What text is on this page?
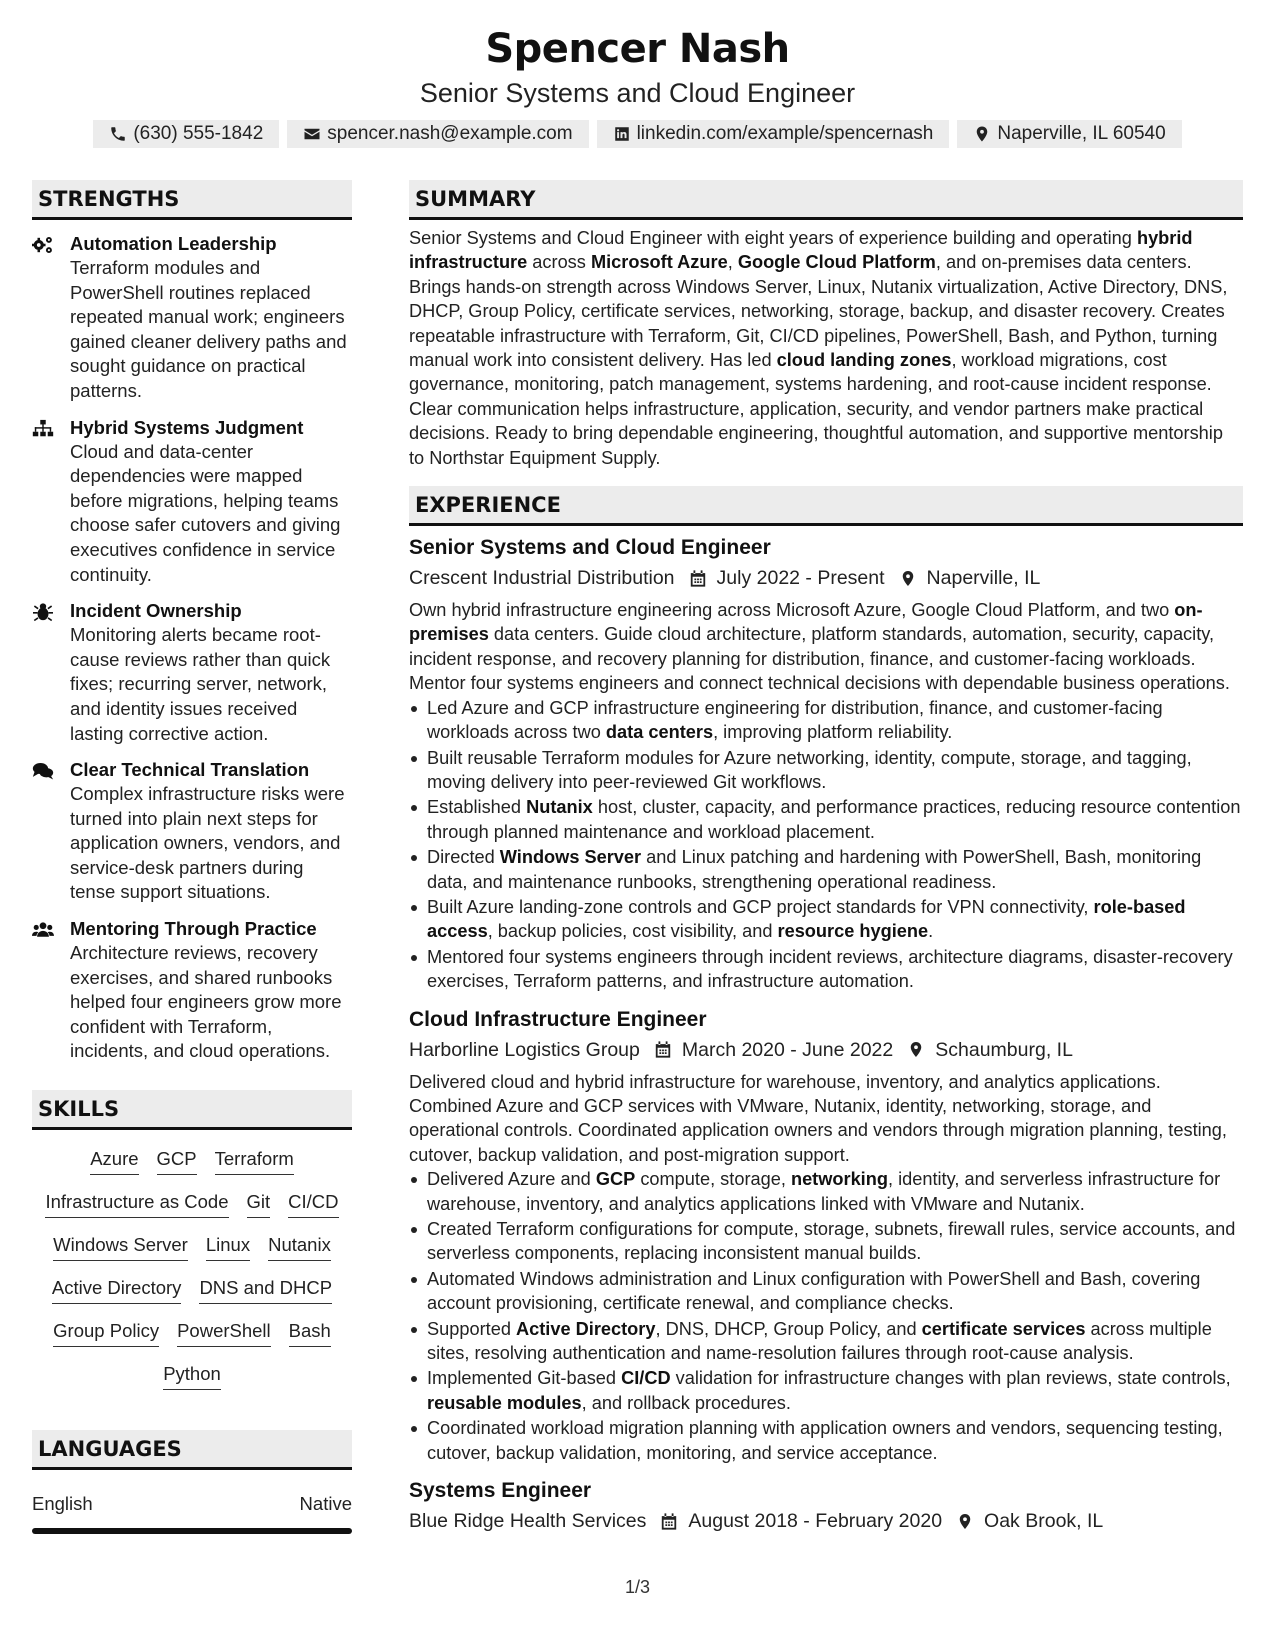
Spencer Nash
Senior Systems and Cloud Engineer
(630) 555-1842	spencer.nash@example.com	linkedin.com/example/spencernash	Naperville, IL 60540
STRENGTHS
Automation Leadership
Terraform modules and PowerShell routines replaced repeated manual work; engineers gained cleaner delivery paths and sought guidance on practical patterns.
Hybrid Systems Judgment
Cloud and data-center dependencies were mapped before migrations, helping teams choose safer cutovers and giving executives confidence in service continuity.
Incident Ownership
Monitoring alerts became root-cause reviews rather than quick fixes; recurring server, network, and identity issues received lasting corrective action.
Clear Technical Translation
Complex infrastructure risks were turned into plain next steps for application owners, vendors, and service-desk partners during tense support situations.
Mentoring Through Practice
Architecture reviews, recovery exercises, and shared runbooks helped four engineers grow more confident with Terraform, incidents, and cloud operations.
SKILLS
Azure GCP Terraform
Infrastructure as Code Git CI/CD
Windows Server Linux Nutanix
Active Directory DNS and DHCP
Group Policy PowerShell Bash
Python
LANGUAGES
English	Native
SUMMARY
Senior Systems and Cloud Engineer with eight years of experience building and operating hybrid infrastructure across Microsoft Azure, Google Cloud Platform, and on-premises data centers. Brings hands-on strength across Windows Server, Linux, Nutanix virtualization, Active Directory, DNS, DHCP, Group Policy, certificate services, networking, storage, backup, and disaster recovery. Creates repeatable infrastructure with Terraform, Git, CI/CD pipelines, PowerShell, Bash, and Python, turning manual work into consistent delivery. Has led cloud landing zones, workload migrations, cost governance, monitoring, patch management, systems hardening, and root-cause incident response. Clear communication helps infrastructure, application, security, and vendor partners make practical decisions. Ready to bring dependable engineering, thoughtful automation, and supportive mentorship to Northstar Equipment Supply.
EXPERIENCE
Senior Systems and Cloud Engineer
Crescent Industrial Distribution July 2022 - Present Naperville, IL
Own hybrid infrastructure engineering across Microsoft Azure, Google Cloud Platform, and two on-premises data centers. Guide cloud architecture, platform standards, automation, security, capacity, incident response, and recovery planning for distribution, finance, and customer-facing workloads. Mentor four systems engineers and connect technical decisions with dependable business operations.
Led Azure and GCP infrastructure engineering for distribution, finance, and customer-facing workloads across two data centers, improving platform reliability.
Built reusable Terraform modules for Azure networking, identity, compute, storage, and tagging, moving delivery into peer-reviewed Git workflows.
Established Nutanix host, cluster, capacity, and performance practices, reducing resource contention through planned maintenance and workload placement.
Directed Windows Server and Linux patching and hardening with PowerShell, Bash, monitoring data, and maintenance runbooks, strengthening operational readiness.
Built Azure landing-zone controls and GCP project standards for VPN connectivity, role-based access, backup policies, cost visibility, and resource hygiene.
Mentored four systems engineers through incident reviews, architecture diagrams, disaster-recovery exercises, Terraform patterns, and infrastructure automation.
Cloud Infrastructure Engineer
Harborline Logistics Group March 2020 - June 2022 Schaumburg, IL
Delivered cloud and hybrid infrastructure for warehouse, inventory, and analytics applications. Combined Azure and GCP services with VMware, Nutanix, identity, networking, storage, and operational controls. Coordinated application owners and vendors through migration planning, testing, cutover, backup validation, and post-migration support.
Delivered Azure and GCP compute, storage, networking, identity, and serverless infrastructure for warehouse, inventory, and analytics applications linked with VMware and Nutanix.
Created Terraform configurations for compute, storage, subnets, firewall rules, service accounts, and serverless components, replacing inconsistent manual builds.
Automated Windows administration and Linux configuration with PowerShell and Bash, covering account provisioning, certificate renewal, and compliance checks.
Supported Active Directory, DNS, DHCP, Group Policy, and certificate services across multiple sites, resolving authentication and name-resolution failures through root-cause analysis.
Implemented Git-based CI/CD validation for infrastructure changes with plan reviews, state controls, reusable modules, and rollback procedures.
Coordinated workload migration planning with application owners and vendors, sequencing testing, cutover, backup validation, monitoring, and service acceptance.
Systems Engineer
Blue Ridge Health Services August 2018 - February 2020 Oak Brook, IL
1/3
